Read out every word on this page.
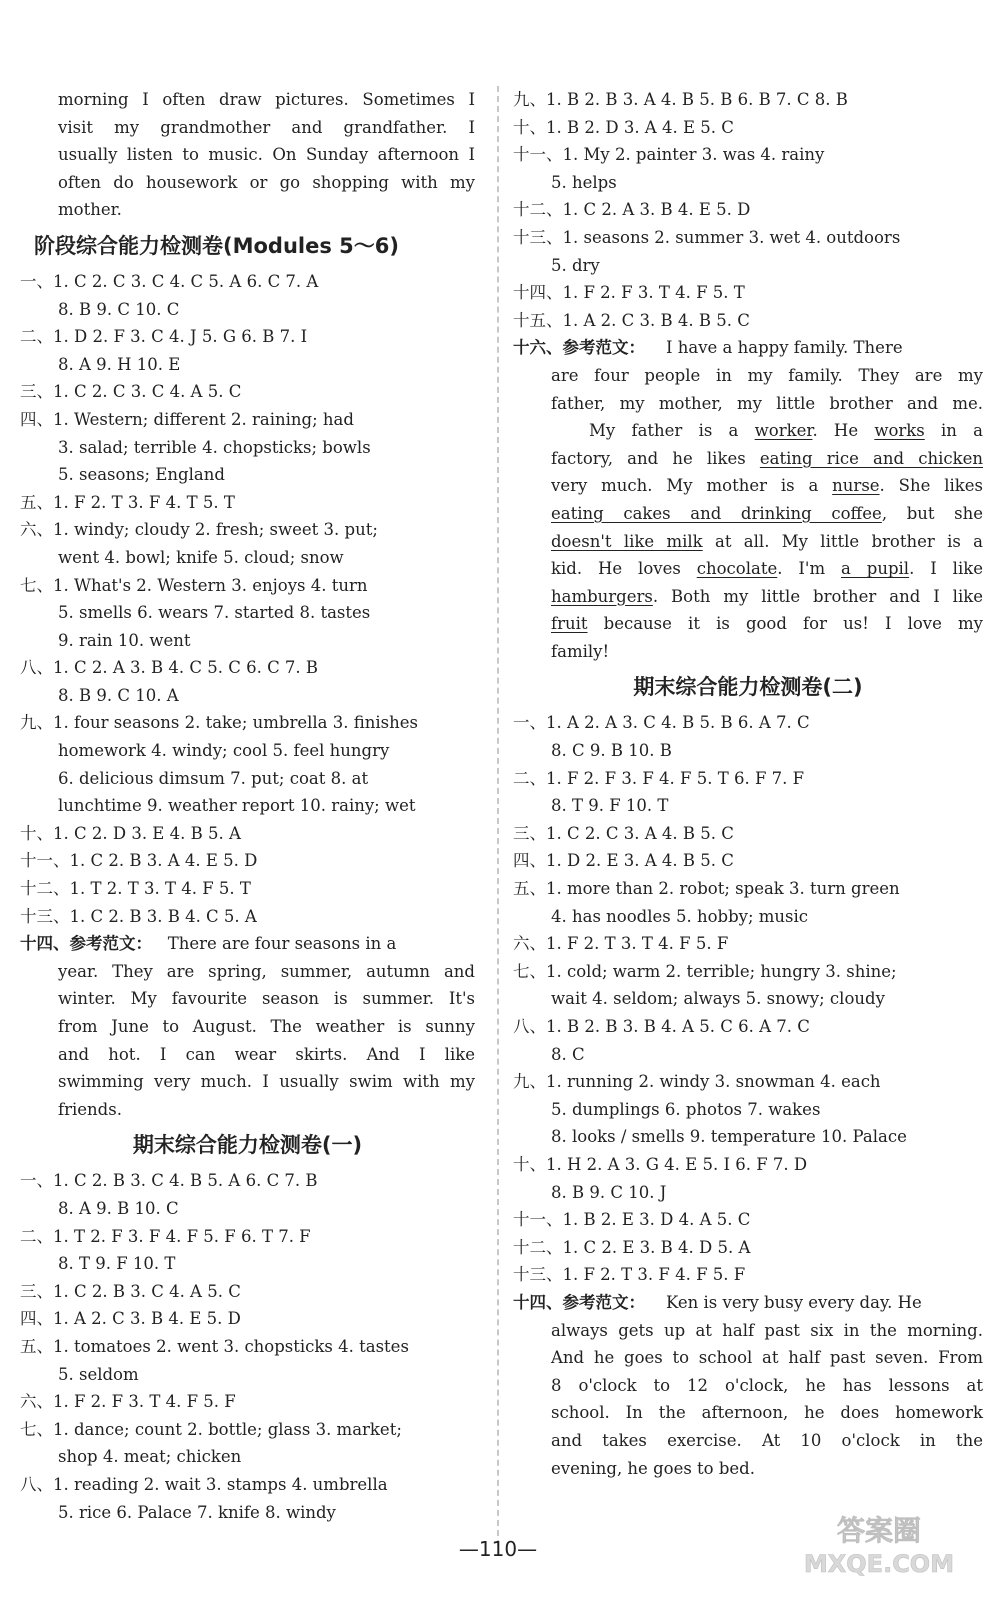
morning I often draw pictures. Sometimes I
visit my grandmother and grandfather. I
usually listen to music. On Sunday afternoon I
often do housework or go shopping with my
mother.
阶段综合能力检测卷(Modules 5～6)
一、1. C 2. C 3. C 4. C 5. A 6. C 7. A
8. B 9. C 10. C
二、1. D 2. F 3. C 4. J 5. G 6. B 7. I
8. A 9. H 10. E
三、1. C 2. C 3. C 4. A 5. C
四、1. Western; different 2. raining; had
3. salad; terrible 4. chopsticks; bowls
5. seasons; England
五、1. F 2. T 3. F 4. T 5. T
六、1. windy; cloudy 2. fresh; sweet 3. put;
went 4. bowl; knife 5. cloud; snow
七、1. What's 2. Western 3. enjoys 4. turn
5. smells 6. wears 7. started 8. tastes
9. rain 10. went
八、1. C 2. A 3. B 4. C 5. C 6. C 7. B
8. B 9. C 10. A
九、1. four seasons 2. take; umbrella 3. finishes
homework 4. windy; cool 5. feel hungry
6. delicious dimsum 7. put; coat 8. at
lunchtime 9. weather report 10. rainy; wet
十、1. C 2. D 3. E 4. B 5. A
十一、1. C 2. B 3. A 4. E 5. D
十二、1. T 2. T 3. T 4. F 5. T
十三、1. C 2. B 3. B 4. C 5. A
十四、参考范文： There are four seasons in a
year. They are spring, summer, autumn and
winter. My favourite season is summer. It's
from June to August. The weather is sunny
and hot. I can wear skirts. And I like
swimming very much. I usually swim with my
friends.
期末综合能力检测卷(一)
一、1. C 2. B 3. C 4. B 5. A 6. C 7. B
8. A 9. B 10. C
二、1. T 2. F 3. F 4. F 5. F 6. T 7. F
8. T 9. F 10. T
三、1. C 2. B 3. C 4. A 5. C
四、1. A 2. C 3. B 4. E 5. D
五、1. tomatoes 2. went 3. chopsticks 4. tastes
5. seldom
六、1. F 2. F 3. T 4. F 5. F
七、1. dance; count 2. bottle; glass 3. market;
shop 4. meat; chicken
八、1. reading 2. wait 3. stamps 4. umbrella
5. rice 6. Palace 7. knife 8. windy
九、1. B 2. B 3. A 4. B 5. B 6. B 7. C 8. B
十、1. B 2. D 3. A 4. E 5. C
十一、1. My 2. painter 3. was 4. rainy
5. helps
十二、1. C 2. A 3. B 4. E 5. D
十三、1. seasons 2. summer 3. wet 4. outdoors
5. dry
十四、1. F 2. F 3. T 4. F 5. T
十五、1. A 2. C 3. B 4. B 5. C
十六、参考范文： I have a happy family. There
are four people in my family. They are my
father, my mother, my little brother and me.
My father is a worker. He works in a
factory, and he likes eating rice and chicken
very much. My mother is a nurse. She likes
eating cakes and drinking coffee, but she
doesn't like milk at all. My little brother is a
kid. He loves chocolate. I'm a pupil. I like
hamburgers. Both my little brother and I like
fruit because it is good for us! I love my
family!
期末综合能力检测卷(二)
一、1. A 2. A 3. C 4. B 5. B 6. A 7. C
8. C 9. B 10. B
二、1. F 2. F 3. F 4. F 5. T 6. F 7. F
8. T 9. F 10. T
三、1. C 2. C 3. A 4. B 5. C
四、1. D 2. E 3. A 4. B 5. C
五、1. more than 2. robot; speak 3. turn green
4. has noodles 5. hobby; music
六、1. F 2. T 3. T 4. F 5. F
七、1. cold; warm 2. terrible; hungry 3. shine;
wait 4. seldom; always 5. snowy; cloudy
八、1. B 2. B 3. B 4. A 5. C 6. A 7. C
8. C
九、1. running 2. windy 3. snowman 4. each
5. dumplings 6. photos 7. wakes
8. looks / smells 9. temperature 10. Palace
十、1. H 2. A 3. G 4. E 5. I 6. F 7. D
8. B 9. C 10. J
十一、1. B 2. E 3. D 4. A 5. C
十二、1. C 2. E 3. B 4. D 5. A
十三、1. F 2. T 3. F 4. F 5. F
十四、参考范文： Ken is very busy every day. He
always gets up at half past six in the morning.
And he goes to school at half past seven. From
8 o'clock to 12 o'clock, he has lessons at
school. In the afternoon, he does homework
and takes exercise. At 10 o'clock in the
evening, he goes to bed.
—110—
答案圈
MXQE.COM
